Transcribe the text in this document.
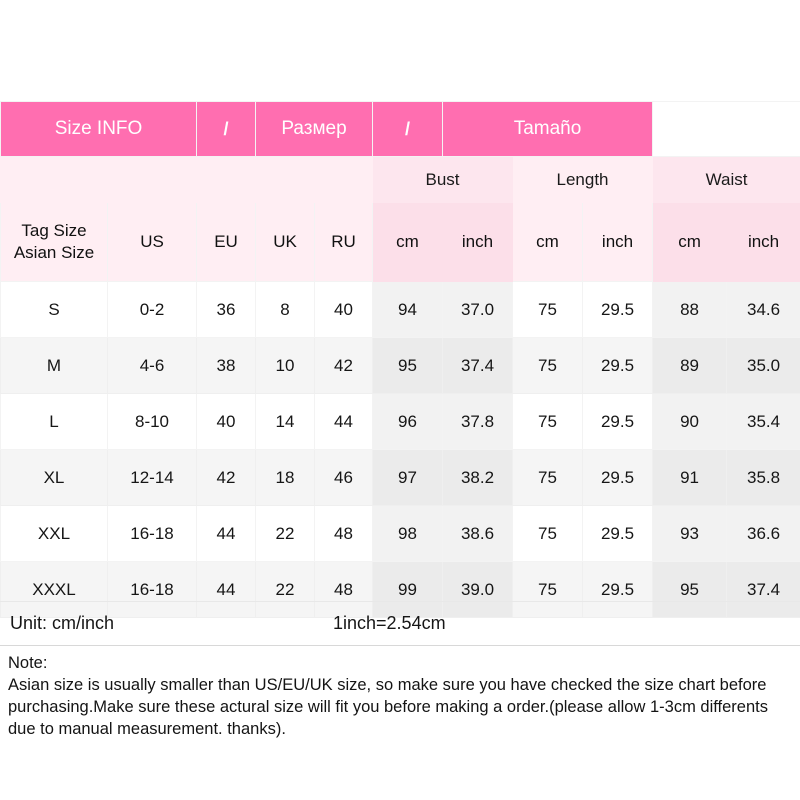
Size INFO		/	Размер		/	Tamaño				
					Bust		Length		Waist	

Tag Size
Asian Size	US	EU	UK	RU	cm	inch	cm	inch	cm	inch
S	0-2	36	8	40	94	37.0	75	29.5	88	34.6
M	4-6	38	10	42	95	37.4	75	29.5	89	35.0
L	8-10	40	14	44	96	37.8	75	29.5	90	35.4
XL	12-14	42	18	46	97	38.2	75	29.5	91	35.8
XXL	16-18	44	22	48	98	38.6	75	29.5	93	36.6
XXXL	16-18	44	22	48	99	39.0	75	29.5	95	37.4
Unit: cm/inch	1inch=2.54cm
Note:
Asian size is usually smaller than US/EU/UK size, so make sure you have checked the size chart before purchasing.Make sure these actural size will fit you before making a order.(please allow 1-3cm differents due to manual measurement. thanks).
